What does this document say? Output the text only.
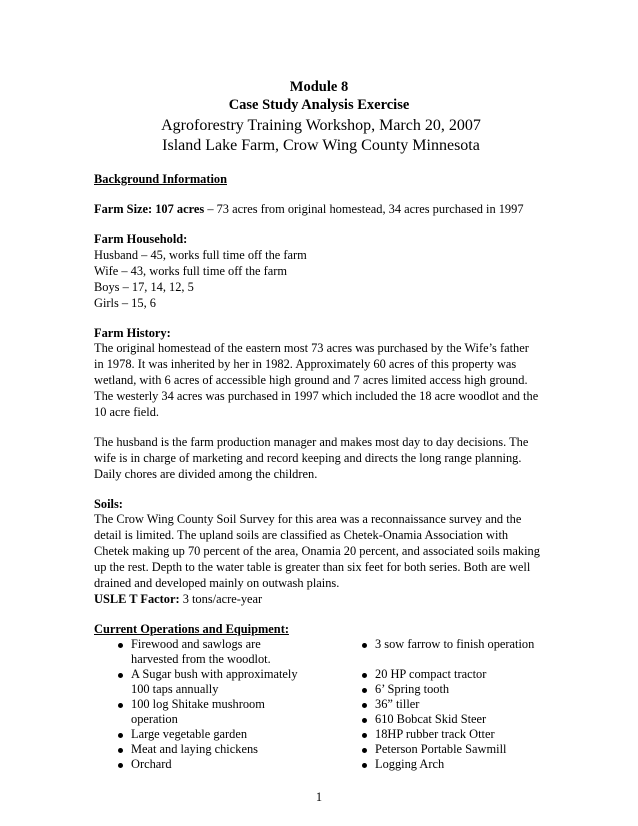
Module 8
Case Study Analysis Exercise
Agroforestry Training Workshop, March 20, 2007
Island Lake Farm, Crow Wing County Minnesota
Background Information
Farm Size: 107 acres – 73 acres from original homestead, 34 acres purchased in 1997
Farm Household:
Husband – 45, works full time off the farm
Wife – 43, works full time off the farm
Boys – 17, 14, 12, 5
Girls – 15, 6
Farm History:
The original homestead of the eastern most 73 acres was purchased by the Wife’s father
in 1978. It was inherited by her in 1982. Approximately 60 acres of this property was
wetland, with 6 acres of accessible high ground and 7 acres limited access high ground.
The westerly 34 acres was purchased in 1997 which included the 18 acre woodlot and the
10 acre field.
The husband is the farm production manager and makes most day to day decisions. The
wife is in charge of marketing and record keeping and directs the long range planning.
Daily chores are divided among the children.
Soils:
The Crow Wing County Soil Survey for this area was a reconnaissance survey and the
detail is limited. The upland soils are classified as Chetek-Onamia Association with
Chetek making up 70 percent of the area, Onamia 20 percent, and associated soils making
up the rest. Depth to the water table is greater than six feet for both series. Both are well
drained and developed mainly on outwash plains.
USLE T Factor: 3 tons/acre-year
Current Operations and Equipment:
Firewood and sawlogs are
harvested from the woodlot.
A Sugar bush with approximately
100 taps annually
100 log Shitake mushroom
operation
Large vegetable garden
Meat and laying chickens
Orchard
3 sow farrow to finish operation
20 HP compact tractor
6’ Spring tooth
36” tiller
610 Bobcat Skid Steer
18HP rubber track Otter
Peterson Portable Sawmill
Logging Arch
1
